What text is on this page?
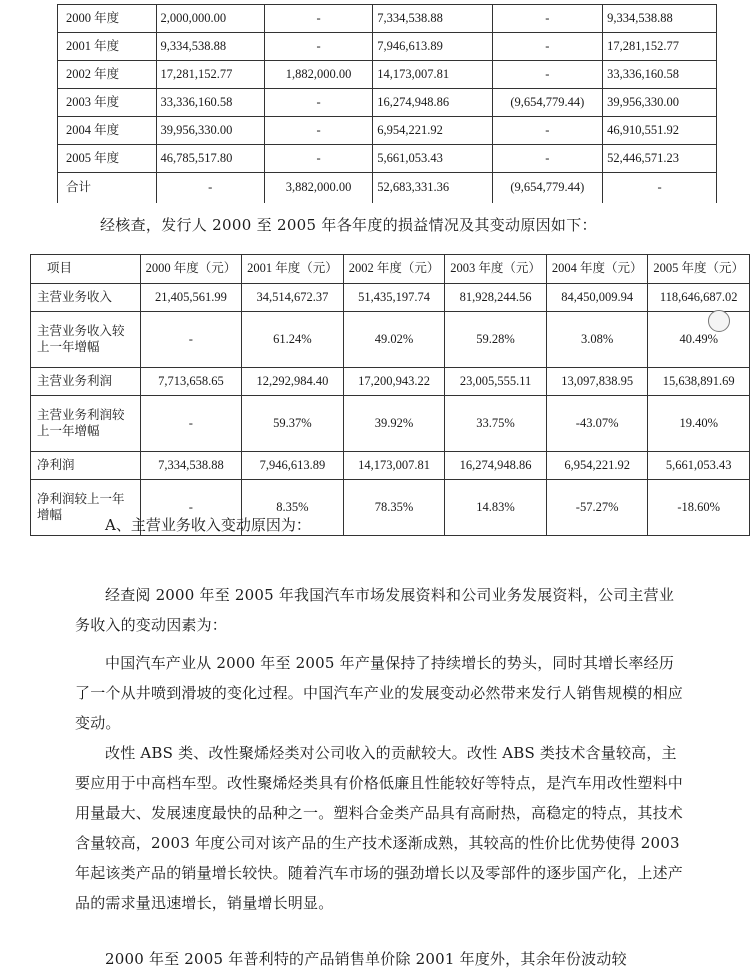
2000 年度	2,000,000.00	-	7,334,538.88	-	9,334,538.88
2001 年度	9,334,538.88	-	7,946,613.89	-	17,281,152.77
2002 年度	17,281,152.77	1,882,000.00	14,173,007.81	-	33,336,160.58
2003 年度	33,336,160.58	-	16,274,948.86	(9,654,779.44)	39,956,330.00
2004 年度	39,956,330.00	-	6,954,221.92	-	46,910,551.92
2005 年度	46,785,517.80	-	5,661,053.43	-	52,446,571.23
合计	-	3,882,000.00	52,683,331.36	(9,654,779.44)	-
经核查，发行人 2000 至 2005 年各年度的损益情况及其变动原因如下：
项目	2000 年度（元）	2001 年度（元）	2002 年度（元）	2003 年度（元）	2004 年度（元）	2005 年度（元）
主营业务收入	21,405,561.99	34,514,672.37	51,435,197.74	81,928,244.56	84,450,009.94	118,646,687.02
主营业务收入较上一年增幅	-	61.24%	49.02%	59.28%	3.08%	40.49%
主营业务利润	7,713,658.65	12,292,984.40	17,200,943.22	23,005,555.11	13,097,838.95	15,638,891.69
主营业务利润较上一年增幅	-	59.37%	39.92%	33.75%	-43.07%	19.40%
净利润	7,334,538.88	7,946,613.89	14,173,007.81	16,274,948.86	6,954,221.92	5,661,053.43
净利润较上一年增幅	-	8.35%	78.35%	14.83%	-57.27%	-18.60%

A、主营业务收入变动原因为：

经查阅 2000 年至 2005 年我国汽车市场发展资料和公司业务发展资料，公司主营业务收入的变动因素为：

中国汽车产业从 2000 年至 2005 年产量保持了持续增长的势头，同时其增长率经历了一个从井喷到滑坡的变化过程。中国汽车产业的发展变动必然带来发行人销售规模的相应变动。

改性 ABS 类、改性聚烯烃类对公司收入的贡献较大。改性 ABS 类技术含量较高，主要应用于中高档车型。改性聚烯烃类具有价格低廉且性能较好等特点，是汽车用改性塑料中用量最大、发展速度最快的品种之一。塑料合金类产品具有高耐热，高稳定的特点，其技术含量较高，2003 年度公司对该产品的生产技术逐渐成熟，其较高的性价比优势使得 2003 年起该类产品的销量增长较快。随着汽车市场的强劲增长以及零部件的逐步国产化，上述产品的需求量迅速增长，销量增长明显。

2000 年至 2005 年普利特的产品销售单价除 2001 年度外，其余年份波动较
